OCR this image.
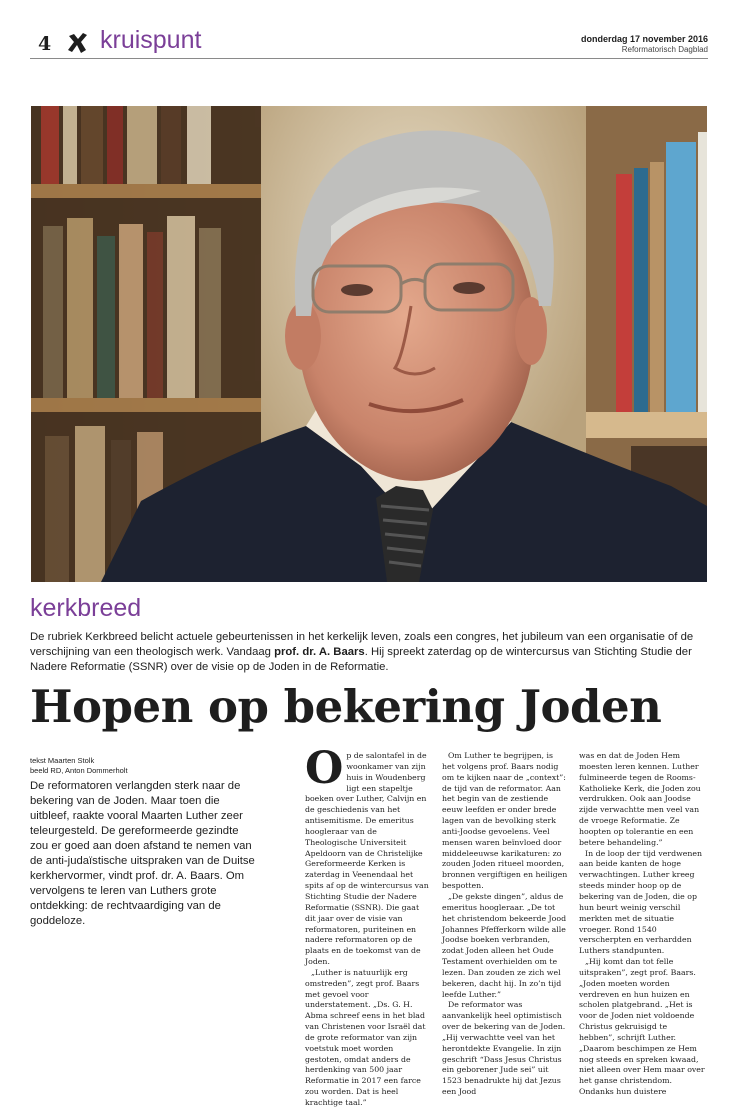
4 kruispunt	donderdag 17 november 2016
Reformatorisch Dagblad
kerkbreed
De rubriek Kerkbreed belicht actuele gebeurtenissen in het kerkelijk leven, zoals een congres, het jubileum van een organisatie of de verschijning van een theologisch werk. Vandaag prof. dr. A. Baars. Hij spreekt zaterdag op de wintercursus van Stichting Studie der Nadere Reformatie (SSNR) over de visie op de Joden in de Reformatie.
Hopen op bekering Joden
tekst Maarten Stolk
beeld RD, Anton Dommerholt
De reformatoren verlangden sterk naar de bekering van de Joden. Maar toen die uitbleef, raakte vooral Maarten Luther zeer teleurgesteld. De gereformeerde gezindte zou er goed aan doen afstand te nemen van de anti-judaïstische uitspraken van de Duitse kerkhervormer, vindt prof. dr. A. Baars. Om vervolgens te leren van Luthers grote ontdekking: de rechtvaardiging van de goddeloze.

Op de salontafel in de woonkamer van zijn huis in Woudenberg ligt een stapeltje boeken over Luther, Calvijn en de geschiedenis van het antisemitisme. De emeritus hoogleraar van de Theologische Universiteit Apeldoorn van de Christelijke Gereformeerde Kerken is zaterdag in Veenendaal het spits af op de wintercursus van Stichting Studie der Nadere Reformatie (SSNR). Die gaat dit jaar over de visie van reformatoren, puriteinen en nadere reformatoren op de plaats en de toekomst van de Joden.

„Luther is natuurlijk erg omstreden”, zegt prof. Baars met gevoel voor understatement. „Ds. G. H. Abma schreef eens in het blad van Christenen voor Israël dat de grote reformator van zijn voetstuk moet worden gestoten, omdat anders de herdenking van 500 jaar Reformatie in 2017 een farce zou worden. Dat is heel krachtige taal.”

Om Luther te begrijpen, is het volgens prof. Baars nodig om te kijken naar de „context”: de tijd van de reformator. Aan het begin van de zestiende eeuw leefden er onder brede lagen van de bevolking sterk anti-Joodse gevoelens. Veel mensen waren beïnvloed door middeleeuwse karikaturen: zo zouden Joden ritueel moorden, bronnen vergiftigen en heiligen bespotten.

„De gekste dingen”, aldus de emeritus hoogleraar. „De tot het christendom bekeerde Jood Johannes Pfefferkorn wilde alle Joodse boeken verbranden, zodat Joden alleen het Oude Testament overhielden om te lezen. Dan zouden ze zich wel bekeren, dacht hij. In zo’n tijd leefde Luther.”

De reformator was aanvankelijk heel optimistisch over de bekering van de Joden. „Hij verwachtte veel van het herontdekte Evangelie. In zijn geschrift “Dass Jesus Christus ein geborener Jude sei” uit 1523 benadrukte hij dat Jezus een Jood

was en dat de Joden Hem moesten leren kennen. Luther fulmineerde tegen de Rooms-Katholieke Kerk, die Joden zou verdrukken. Ook aan Joodse zijde verwachtte men veel van de vroege Reformatie. Ze hoopten op tolerantie en een betere behandeling.”

In de loop der tijd verdwenen aan beide kanten de hoge verwachtingen. Luther kreeg steeds minder hoop op de bekering van de Joden, die op hun beurt weinig verschil merkten met de situatie vroeger. Rond 1540 verscherpten en verhardden Luthers standpunten.

„Hij komt dan tot felle uitspraken”, zegt prof. Baars. „Joden moeten worden verdreven en hun huizen en scholen platgebrand. „Het is voor de Joden niet voldoende Christus gekruisigd te hebben”, schrijft Luther. „Daarom beschimpen ze Hem nog steeds en spreken kwaad, niet alleen over Hem maar over het ganse christendom. Ondanks hun duistere
